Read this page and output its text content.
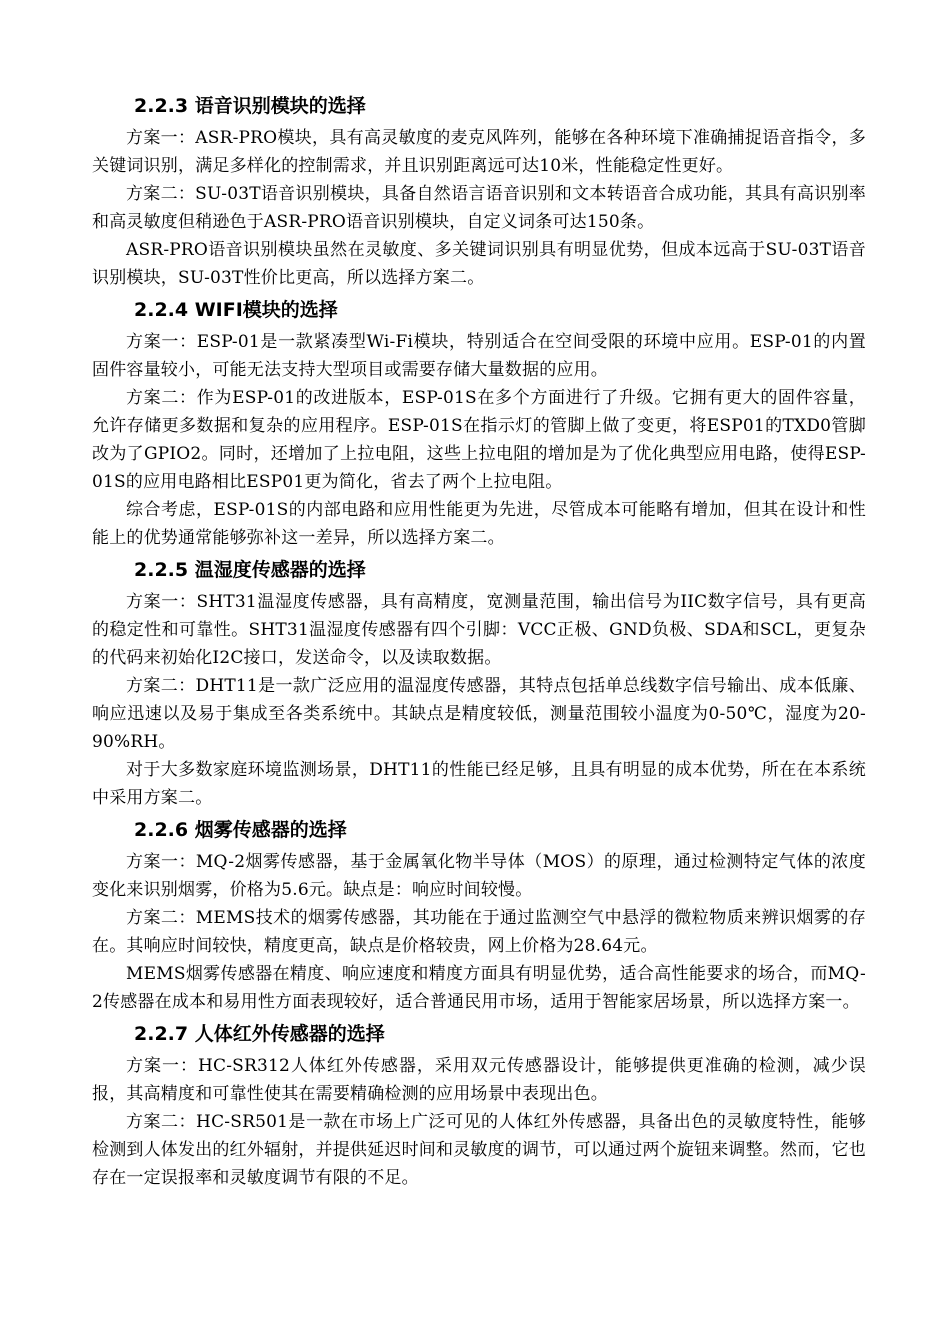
2.2.3 语音识别模块的选择

方案一：ASR-PRO模块，具有高灵敏度的麦克风阵列，能够在各种环境下准确捕捉语音指令，多关键词识别，满足多样化的控制需求，并且识别距离远可达10米，性能稳定性更好。

方案二：SU-03T语音识别模块，具备自然语言语音识别和文本转语音合成功能，其具有高识别率和高灵敏度但稍逊色于ASR-PRO语音识别模块，自定义词条可达150条。

ASR-PRO语音识别模块虽然在灵敏度、多关键词识别具有明显优势，但成本远高于SU-03T语音识别模块，SU-03T性价比更高，所以选择方案二。

2.2.4 WIFI模块的选择

方案一：ESP-01是一款紧凑型Wi-Fi模块，特别适合在空间受限的环境中应用。ESP-01的内置固件容量较小，可能无法支持大型项目或需要存储大量数据的应用。

方案二：作为ESP-01的改进版本，ESP-01S在多个方面进行了升级。它拥有更大的固件容量，允许存储更多数据和复杂的应用程序。ESP-01S在指示灯的管脚上做了变更，将ESP01的TXD0管脚改为了GPIO2。同时，还增加了上拉电阻，这些上拉电阻的增加是为了优化典型应用电路，使得ESP-01S的应用电路相比ESP01更为简化，省去了两个上拉电阻。

综合考虑，ESP-01S的内部电路和应用性能更为先进，尽管成本可能略有增加，但其在设计和性能上的优势通常能够弥补这一差异，所以选择方案二。

2.2.5 温湿度传感器的选择

方案一：SHT31温湿度传感器，具有高精度，宽测量范围，输出信号为IIC数字信号，具有更高的稳定性和可靠性。SHT31温湿度传感器有四个引脚：VCC正极、GND负极、SDA和SCL，更复杂的代码来初始化I2C接口，发送命令，以及读取数据。

方案二：DHT11是一款广泛应用的温湿度传感器，其特点包括单总线数字信号输出、成本低廉、响应迅速以及易于集成至各类系统中。其缺点是精度较低，测量范围较小温度为0-50℃，湿度为20-90%RH。

对于大多数家庭环境监测场景，DHT11的性能已经足够，且具有明显的成本优势，所在在本系统中采用方案二。

2.2.6 烟雾传感器的选择

方案一：MQ-2烟雾传感器，基于金属氧化物半导体（MOS）的原理，通过检测特定气体的浓度变化来识别烟雾，价格为5.6元。缺点是：响应时间较慢。

方案二：MEMS技术的烟雾传感器，其功能在于通过监测空气中悬浮的微粒物质来辨识烟雾的存在。其响应时间较快，精度更高，缺点是价格较贵，网上价格为28.64元。

MEMS烟雾传感器在精度、响应速度和精度方面具有明显优势，适合高性能要求的场合，而MQ-2传感器在成本和易用性方面表现较好，适合普通民用市场，适用于智能家居场景，所以选择方案一。

2.2.7 人体红外传感器的选择

方案一：HC-SR312人体红外传感器，采用双元传感器设计，能够提供更准确的检测，减少误报，其高精度和可靠性使其在需要精确检测的应用场景中表现出色。

方案二：HC-SR501是一款在市场上广泛可见的人体红外传感器，具备出色的灵敏度特性，能够检测到人体发出的红外辐射，并提供延迟时间和灵敏度的调节，可以通过两个旋钮来调整。然而，它也存在一定误报率和灵敏度调节有限的不足。
